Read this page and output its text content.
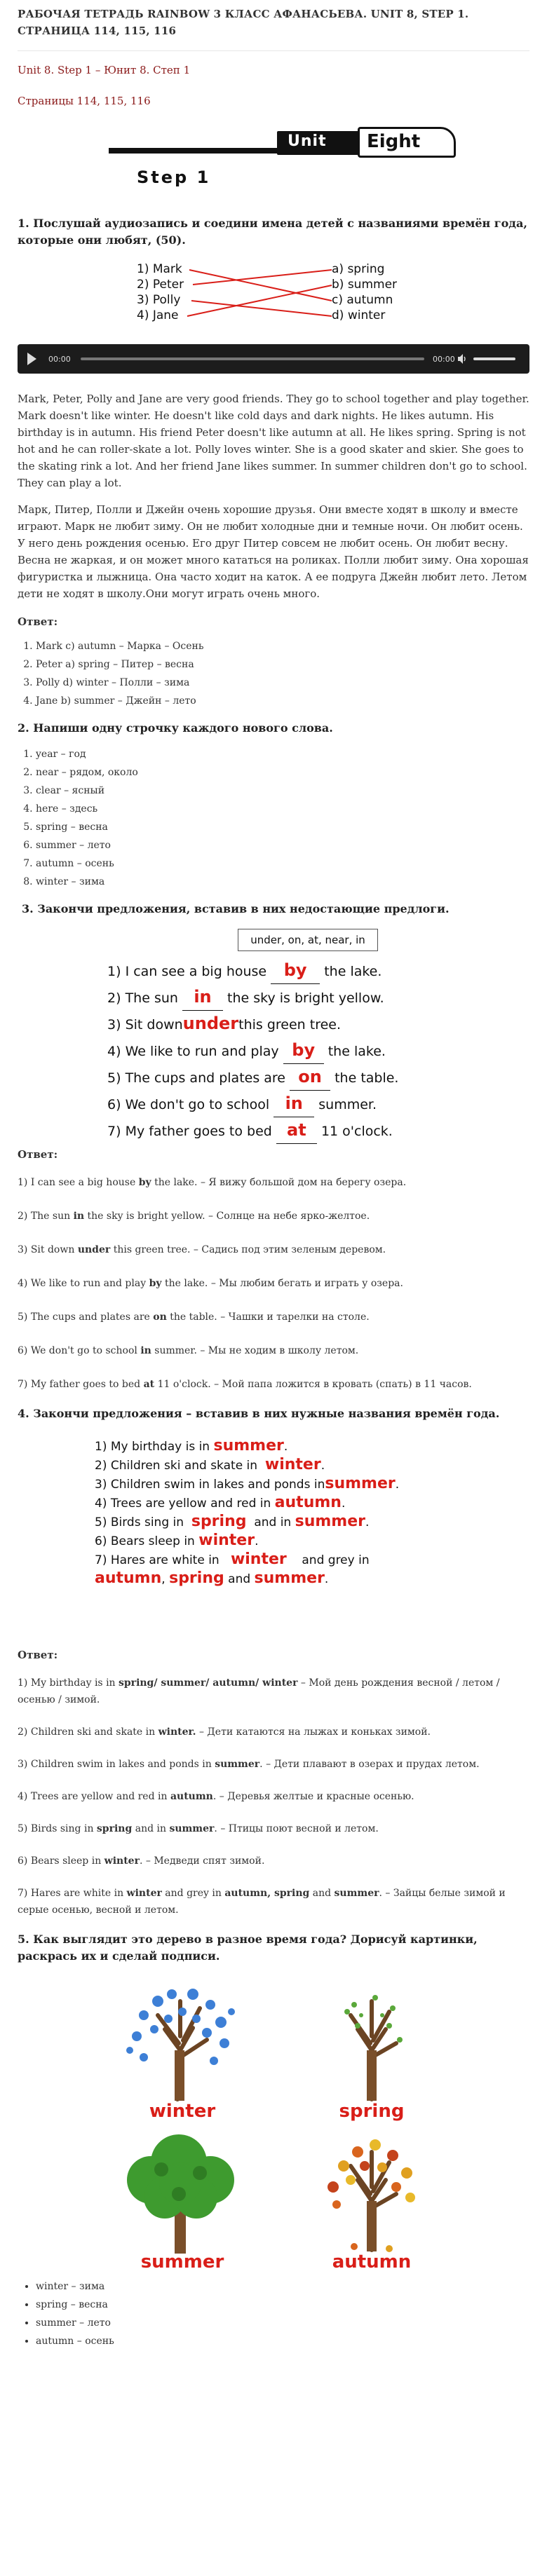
РАБОЧАЯ ТЕТРАДЬ RAINBOW 3 КЛАСС АФАНАСЬЕВА. UNIT 8, STEP 1. СТРАНИЦА 114, 115, 116
Unit 8. Step 1 – Юнит 8. Степ 1
Страницы 114, 115, 116
Unit Eight
Step 1
1. Послушай аудиозапись и соедини имена детей с названиями времён года, которые они любят, (50).
1) Mark
2) Peter
3) Polly
4) Jane
a) spring
b) summer
c) autumn
d) winter
00:00	00:00

Mark, Peter, Polly and Jane are very good friends. They go to school together and play together. Mark doesn't like winter. He doesn't like cold days and dark nights. He likes autumn. His birthday is in autumn. His friend Peter doesn't like autumn at all. He likes spring. Spring is not hot and he can roller-skate a lot. Polly loves winter. She is a good skater and skier. She goes to the skating rink a lot. And her friend Jane likes summer. In summer children don't go to school. They can play a lot.

Марк, Питер, Полли и Джейн очень хорошие друзья. Они вместе ходят в школу и вместе играют. Марк не любит зиму. Он не любит холодные дни и темные ночи. Он любит осень. У него день рождения осенью. Его друг Питер совсем не любит осень. Он любит весну. Весна не жаркая, и он может много кататься на роликах. Полли любит зиму. Она хорошая фигуристка и лыжница. Она часто ходит на каток. А ее подруга Джейн любит лето. Летом дети не ходят в школу.Они могут играть очень много.

Ответ:

1. Mark c) autumn – Марка – Осень
2. Peter a) spring – Питер – весна
3. Polly d) winter – Полли – зима
4. Jane b) summer – Джейн – лето
2. Напиши одну строчку каждого нового слова.
1. year – год
2. near – рядом, около
3. clear – ясный
4. here – здесь
5. spring – весна
6. summer – лето
7. autumn – осень
8. winter – зима
3. Закончи предложения, вставив в них недостающие предлоги.
under, on, at, near, in
1) I can see a big house by the lake.
2) The sun in the sky is bright yellow.
3) Sit downunderthis green tree.
4) We like to run and play by the lake.
5) The cups and plates are on the table.
6) We don't go to school in summer.
7) My father goes to bed at 11 o'clock.

Ответ:

1) I can see a big house by the lake. – Я вижу большой дом на берегу озера.

2) The sun in the sky is bright yellow. – Солнце на небе ярко-желтое.

3) Sit down under this green tree. – Садись под этим зеленым деревом.

4) We like to run and play by the lake. – Мы любим бегать и играть у озера.

5) The cups and plates are on the table. – Чашки и тарелки на столе.

6) We don't go to school in summer. – Мы не ходим в школу летом.

7) My father goes to bed at 11 o'clock. – Мой папа ложится в кровать (спать) в 11 часов.

4. Закончи предложения – вставив в них нужные названия времён года.
1) My birthday is in summer.
2) Children ski and skate in winter.
3) Children swim in lakes and ponds insummer.
4) Trees are yellow and red in autumn.
5) Birds sing in spring and in summer.
6) Bears sleep in winter.
7) Hares are white in winter and grey in
autumn, spring and summer.

Ответ:

1) My birthday is in spring/ summer/ autumn/ winter – Мой день рождения весной / летом / осенью / зимой.

2) Children ski and skate in winter. – Дети катаются на лыжах и коньках зимой.

3) Children swim in lakes and ponds in summer. – Дети плавают в озерах и прудах летом.

4) Trees are yellow and red in autumn. – Деревья желтые и красные осенью.

5) Birds sing in spring and in summer. – Птицы поют весной и летом.

6) Bears sleep in winter. – Медведи спят зимой.

7) Hares are white in winter and grey in autumn, spring and summer. – Зайцы белые зимой и серые осенью, весной и летом.

5. Как выглядит это дерево в разное время года? Дорисуй картинки, раскрась их и сделай подписи.
winter	spring
summer	autumn
• winter – зима
• spring – весна
• summer – лето
• autumn – осень
